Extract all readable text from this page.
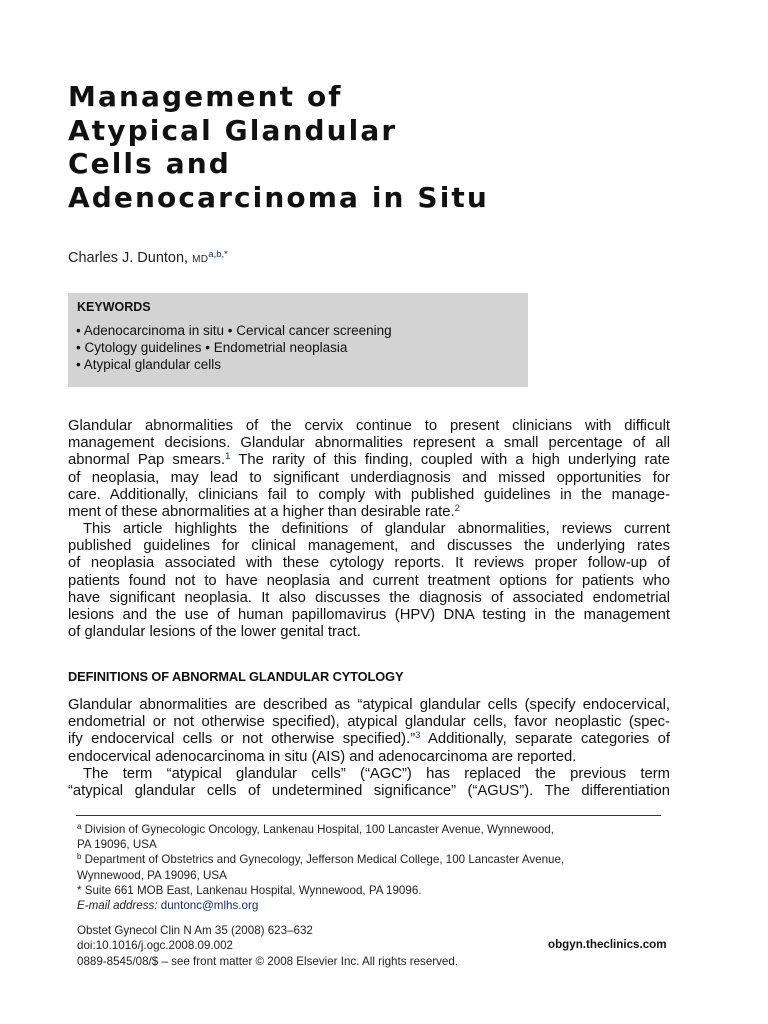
Management of
Atypical Glandular
Cells and
Adenocarcinoma in Situ
Charles J. Dunton, $MD^{a,b,*}$
KEYWORDS
• Adenocarcinoma in situ • Cervical cancer screening
• Cytology guidelines • Endometrial neoplasia
• Atypical glandular cells
Glandular abnormalities of the cervix continue to present clinicians with difficult
management decisions. Glandular abnormalities represent a small percentage of all
abnormal Pap smears.$^1$ The rarity of this finding, coupled with a high underlying rate
of neoplasia, may lead to significant underdiagnosis and missed opportunities for
care. Additionally, clinicians fail to comply with published guidelines in the manage-
ment of these abnormalities at a higher than desirable rate.$^2$
This article highlights the definitions of glandular abnormalities, reviews current
published guidelines for clinical management, and discusses the underlying rates
of neoplasia associated with these cytology reports. It reviews proper follow-up of
patients found not to have neoplasia and current treatment options for patients who
have significant neoplasia. It also discusses the diagnosis of associated endometrial
lesions and the use of human papillomavirus (HPV) DNA testing in the management
of glandular lesions of the lower genital tract.
DEFINITIONS OF ABNORMAL GLANDULAR CYTOLOGY
Glandular abnormalities are described as “atypical glandular cells (specify endocervical,
endometrial or not otherwise specified), atypical glandular cells, favor neoplastic (spec-
ify endocervical cells or not otherwise specified).”$^3$ Additionally, separate categories of
endocervical adenocarcinoma in situ (AIS) and adenocarcinoma are reported.
The term “atypical glandular cells” (“AGC”) has replaced the previous term
“atypical glandular cells of undetermined significance” (“AGUS”). The differentiation
$^a$ Division of Gynecologic Oncology, Lankenau Hospital, 100 Lancaster Avenue, Wynnewood,
PA 19096, USA
$^b$ Department of Obstetrics and Gynecology, Jefferson Medical College, 100 Lancaster Avenue,
Wynnewood, PA 19096, USA
* Suite 661 MOB East, Lankenau Hospital, Wynnewood, PA 19096.
E-mail address: duntonc@mlhs.org
Obstet Gynecol Clin N Am 35 (2008) 623–632
doi:10.1016/j.ogc.2008.09.002
0889-8545/08/$ – see front matter © 2008 Elsevier Inc. All rights reserved.
obgyn.theclinics.com
